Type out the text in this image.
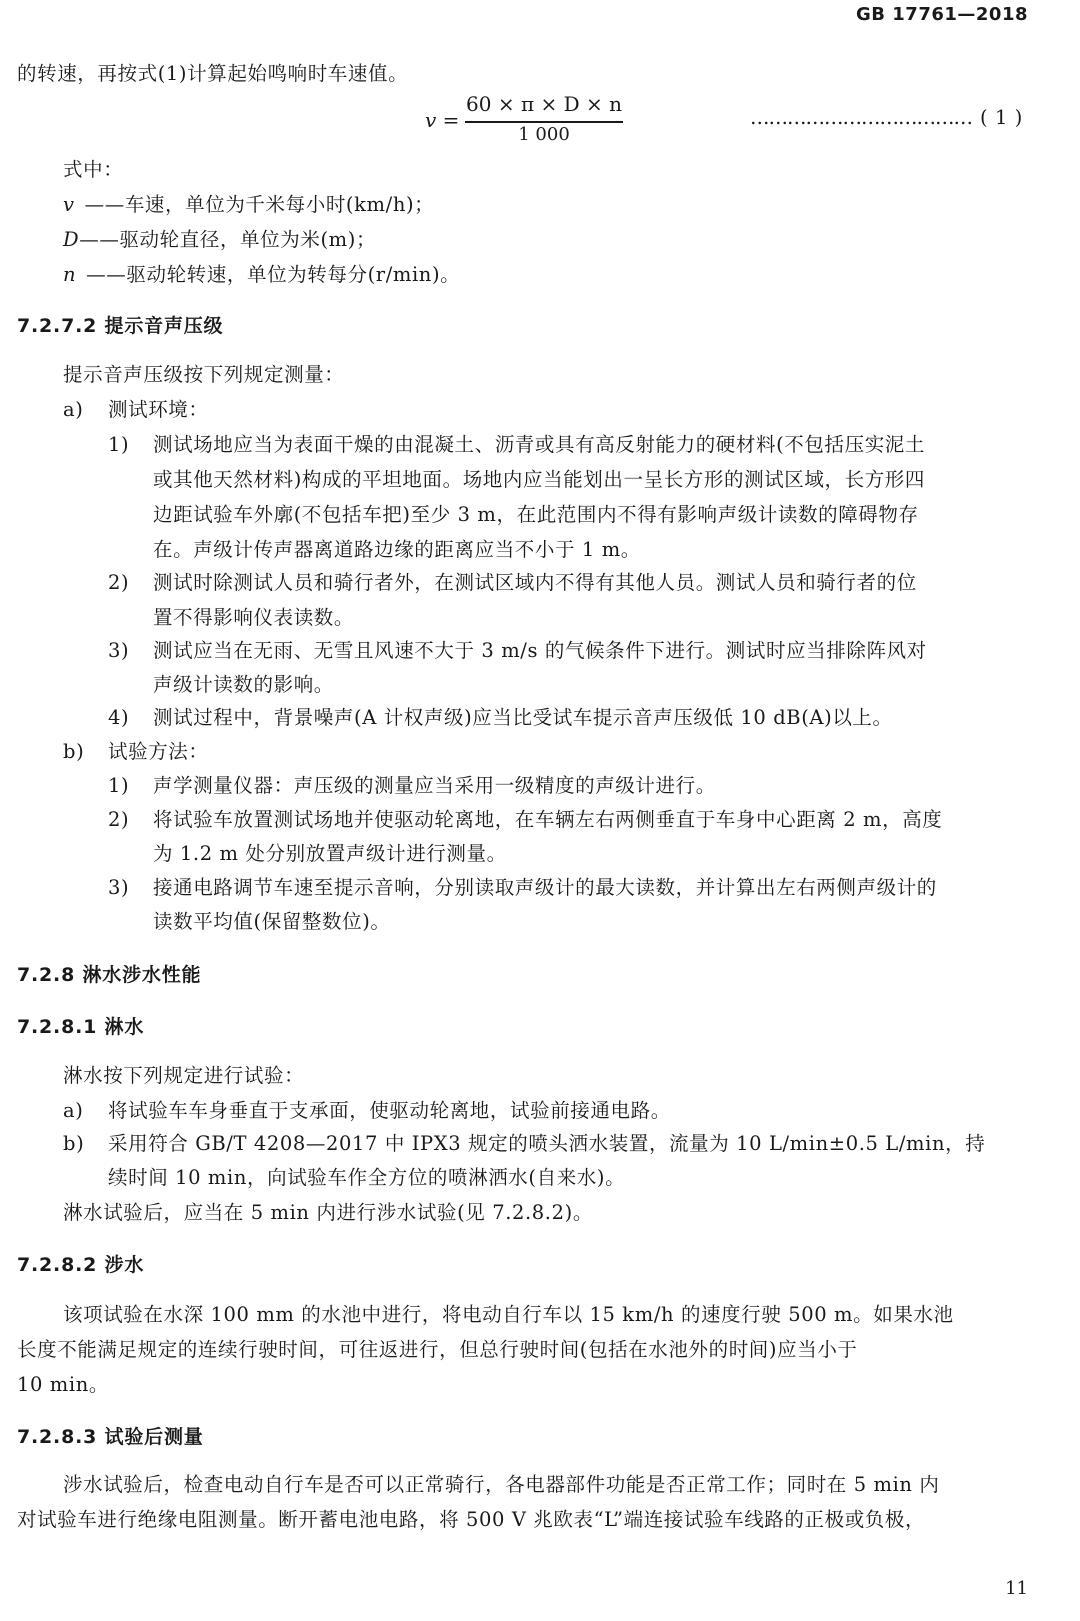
GB 17761—2018
的转速，再按式(1)计算起始鸣响时车速值。
v =
60 × π × D × n
1 000
……………………………… ( 1 )
式中：
v ——车速，单位为千米每小时(km/h)；
D——驱动轮直径，单位为米(m)；
n ——驱动轮转速，单位为转每分(r/min)。
7.2.7.2 提示音声压级
提示音声压级按下列规定测量：
a) 测试环境：
1) 测试场地应当为表面干燥的由混凝土、沥青或具有高反射能力的硬材料(不包括压实泥土
或其他天然材料)构成的平坦地面。场地内应当能划出一呈长方形的测试区域，长方形四
边距试验车外廓(不包括车把)至少 3 m，在此范围内不得有影响声级计读数的障碍物存
在。声级计传声器离道路边缘的距离应当不小于 1 m。
2) 测试时除测试人员和骑行者外，在测试区域内不得有其他人员。测试人员和骑行者的位
置不得影响仪表读数。
3) 测试应当在无雨、无雪且风速不大于 3 m/s 的气候条件下进行。测试时应当排除阵风对
声级计读数的影响。
4) 测试过程中，背景噪声(A 计权声级)应当比受试车提示音声压级低 10 dB(A)以上。
b) 试验方法：
1) 声学测量仪器：声压级的测量应当采用一级精度的声级计进行。
2) 将试验车放置测试场地并使驱动轮离地，在车辆左右两侧垂直于车身中心距离 2 m，高度
为 1.2 m 处分别放置声级计进行测量。
3) 接通电路调节车速至提示音响，分别读取声级计的最大读数，并计算出左右两侧声级计的
读数平均值(保留整数位)。
7.2.8 淋水涉水性能
7.2.8.1 淋水
淋水按下列规定进行试验：
a) 将试验车车身垂直于支承面，使驱动轮离地，试验前接通电路。
b) 采用符合 GB/T 4208—2017 中 IPX3 规定的喷头洒水装置，流量为 10 L/min±0.5 L/min，持
续时间 10 min，向试验车作全方位的喷淋洒水(自来水)。
淋水试验后，应当在 5 min 内进行涉水试验(见 7.2.8.2)。
7.2.8.2 涉水
该项试验在水深 100 mm 的水池中进行，将电动自行车以 15 km/h 的速度行驶 500 m。如果水池
长度不能满足规定的连续行驶时间，可往返进行，但总行驶时间(包括在水池外的时间)应当小于
10 min。
7.2.8.3 试验后测量
涉水试验后，检查电动自行车是否可以正常骑行，各电器部件功能是否正常工作；同时在 5 min 内
对试验车进行绝缘电阻测量。断开蓄电池电路，将 500 V 兆欧表“L”端连接试验车线路的正极或负极，
11
